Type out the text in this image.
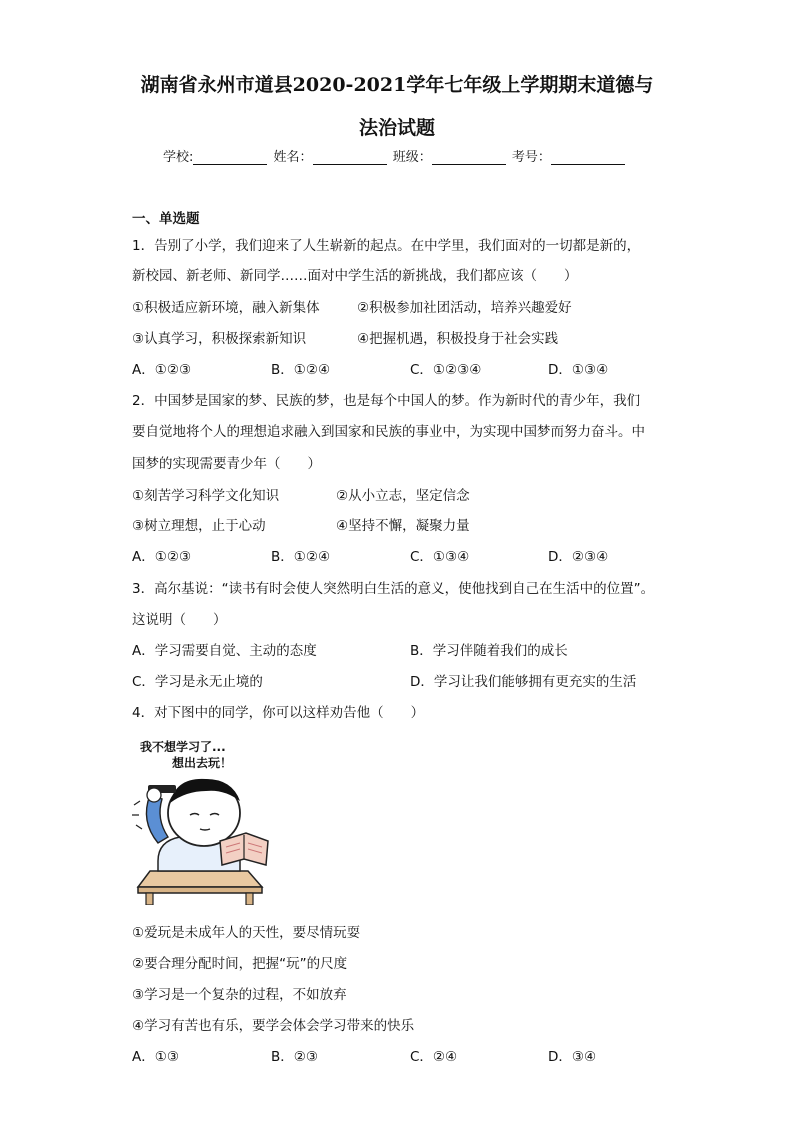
湖南省永州市道县2020-2021学年七年级上学期期末道德与
法治试题
学校:	姓名：	班级：	考号：
一、单选题
1．告别了小学，我们迎来了人生崭新的起点。在中学里，我们面对的一切都是新的，
新校园、新老师、新同学……面对中学生活的新挑战，我们都应该（　　）
①积极适应新环境，融入新集体	②积极参加社团活动，培养兴趣爱好
③认真学习，积极探索新知识	④把握机遇，积极投身于社会实践
A．①②③	B．①②④	C．①②③④	D．①③④
2．中国梦是国家的梦、民族的梦，也是每个中国人的梦。作为新时代的青少年，我们
要自觉地将个人的理想追求融入到国家和民族的事业中，为实现中国梦而努力奋斗。中
国梦的实现需要青少年（　　）
①刻苦学习科学文化知识	②从小立志，坚定信念
③树立理想，止于心动	④坚持不懈，凝聚力量
A．①②③	B．①②④	C．①③④	D．②③④
3．高尔基说：“读书有时会使人突然明白生活的意义，使他找到自己在生活中的位置”。
这说明（　　）
A．学习需要自觉、主动的态度	B．学习伴随着我们的成长
C．学习是永无止境的	D．学习让我们能够拥有更充实的生活
4．对下图中的同学，你可以这样劝告他（　　）
我不想学习了...
想出去玩！
①爱玩是未成年人的天性，要尽情玩耍
②要合理分配时间，把握“玩”的尺度
③学习是一个复杂的过程，不如放弃
④学习有苦也有乐，要学会体会学习带来的快乐
A．①③	B．②③	C．②④	D．③④
